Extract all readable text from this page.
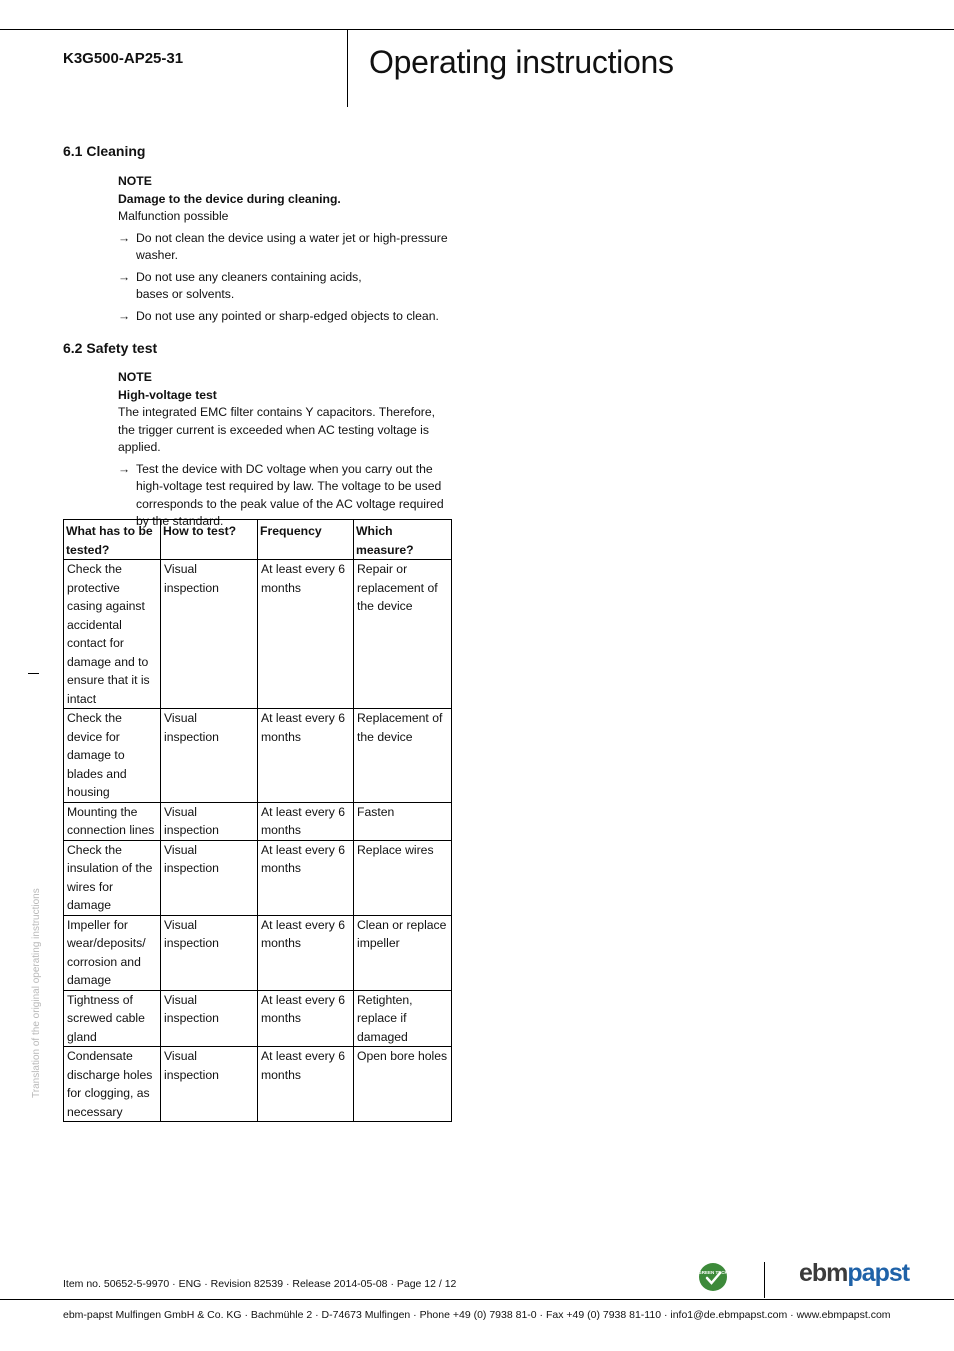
K3G500-AP25-31	Operating instructions
6.1 Cleaning
NOTE
Damage to the device during cleaning.
Malfunction possible
→ Do not clean the device using a water jet or high-pressure washer.
→ Do not use any cleaners containing acids, bases or solvents.
→ Do not use any pointed or sharp-edged objects to clean.
6.2 Safety test
NOTE
High-voltage test
The integrated EMC filter contains Y capacitors. Therefore, the trigger current is exceeded when AC testing voltage is applied.
→ Test the device with DC voltage when you carry out the high-voltage test required by law. The voltage to be used corresponds to the peak value of the AC voltage required by the standard.
What has to be tested?	How to test?	Frequency	Which measure?
Check the protective casing against accidental contact for damage and to ensure that it is intact	Visual inspection	At least every 6 months	Repair or replacement of the device
Check the device for damage to blades and housing	Visual inspection	At least every 6 months	Replacement of the device
Mounting the connection lines	Visual inspection	At least every 6 months	Fasten
Check the insulation of the wires for damage	Visual inspection	At least every 6 months	Replace wires
Impeller for wear/deposits/ corrosion and damage	Visual inspection	At least every 6 months	Clean or replace impeller
Tightness of screwed cable gland	Visual inspection	At least every 6 months	Retighten, replace if damaged
Condensate discharge holes for clogging, as necessary	Visual inspection	At least every 6 months	Open bore holes
Translation of the original operating instructions
Item no. 50652-5-9970 · ENG · Revision 82539 · Release 2014-05-08 · Page 12 / 12
GREEN TECH	ebmpapst
ebm-papst Mulfingen GmbH & Co. KG · Bachmühle 2 · D-74673 Mulfingen · Phone +49 (0) 7938 81-0 · Fax +49 (0) 7938 81-110 · info1@de.ebmpapst.com · www.ebmpapst.com
